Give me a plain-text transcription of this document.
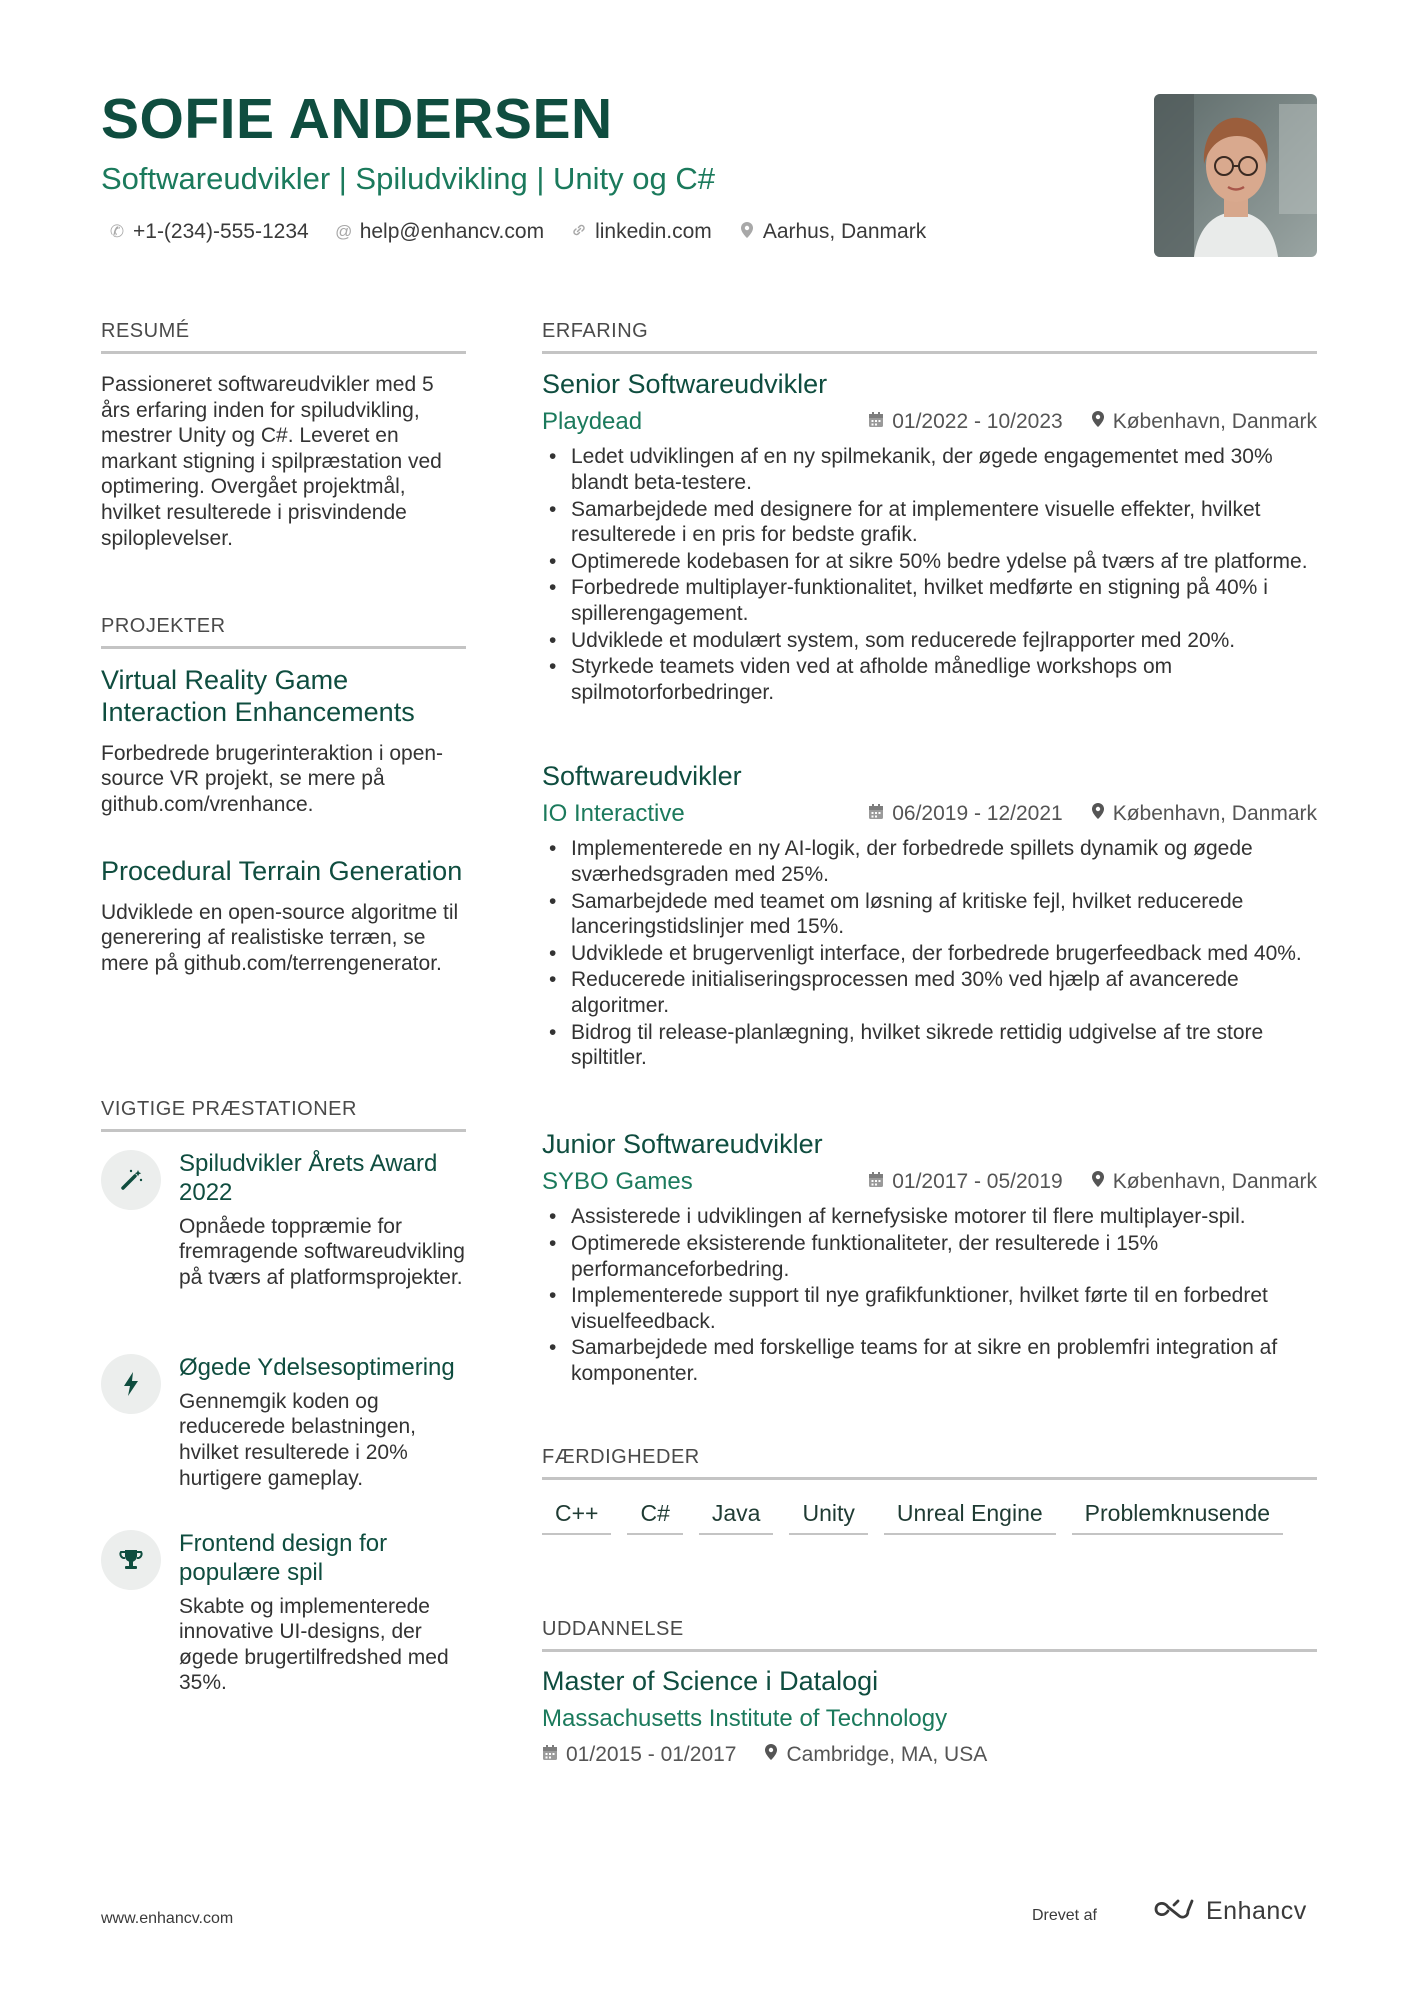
SOFIE ANDERSEN
Softwareudvikler | Spiludvikling | Unity og C#
✆ +1-(234)-555-1234 @ help@enhancv.com linkedin.com Aarhus, Danmark
RESUMÉ
Passioneret softwareudvikler med 5 års erfaring inden for spiludvikling, mestrer Unity og C#. Leveret en markant stigning i spilpræstation ved optimering. Overgået projektmål, hvilket resulterede i prisvindende spiloplevelser.
PROJEKTER
Virtual Reality Game Interaction Enhancements
Forbedrede brugerinteraktion i open-source VR projekt, se mere på github.com/vrenhance.
Procedural Terrain Generation
Udviklede en open-source algoritme til generering af realistiske terræn, se mere på github.com/terrengenerator.
VIGTIGE PRÆSTATIONER
Spiludvikler Årets Award 2022
Opnåede toppræmie for fremragende softwareudvikling på tværs af platformsprojekter.
Øgede Ydelsesoptimering
Gennemgik koden og reducerede belastningen, hvilket resulterede i 20% hurtigere gameplay.
Frontend design for populære spil
Skabte og implementerede innovative UI-designs, der øgede brugertilfredshed med 35%.
ERFARING
Senior Softwareudvikler
Playdead	01/2022 - 10/2023 København, Danmark
• Ledet udviklingen af en ny spilmekanik, der øgede engagementet med 30% blandt beta-testere.
• Samarbejdede med designere for at implementere visuelle effekter, hvilket resulterede i en pris for bedste grafik.
• Optimerede kodebasen for at sikre 50% bedre ydelse på tværs af tre platforme.
• Forbedrede multiplayer-funktionalitet, hvilket medførte en stigning på 40% i spillerengagement.
• Udviklede et modulært system, som reducerede fejlrapporter med 20%.
• Styrkede teamets viden ved at afholde månedlige workshops om spilmotorforbedringer.
Softwareudvikler
IO Interactive	06/2019 - 12/2021 København, Danmark
• Implementerede en ny AI-logik, der forbedrede spillets dynamik og øgede sværhedsgraden med 25%.
• Samarbejdede med teamet om løsning af kritiske fejl, hvilket reducerede lanceringstidslinjer med 15%.
• Udviklede et brugervenligt interface, der forbedrede brugerfeedback med 40%.
• Reducerede initialiseringsprocessen med 30% ved hjælp af avancerede algoritmer.
• Bidrog til release-planlægning, hvilket sikrede rettidig udgivelse af tre store spiltitler.
Junior Softwareudvikler
SYBO Games	01/2017 - 05/2019 København, Danmark
• Assisterede i udviklingen af kernefysiske motorer til flere multiplayer-spil.
• Optimerede eksisterende funktionaliteter, der resulterede i 15% performanceforbedring.
• Implementerede support til nye grafikfunktioner, hvilket førte til en forbedret visuelfeedback.
• Samarbejdede med forskellige teams for at sikre en problemfri integration af komponenter.
FÆRDIGHEDER
C++	C#	Java	Unity	Unreal Engine	Problemknusende
UDDANNELSE
Master of Science i Datalogi
Massachusetts Institute of Technology
01/2015 - 01/2017 Cambridge, MA, USA
www.enhancv.com	Drevet af	Enhancv
